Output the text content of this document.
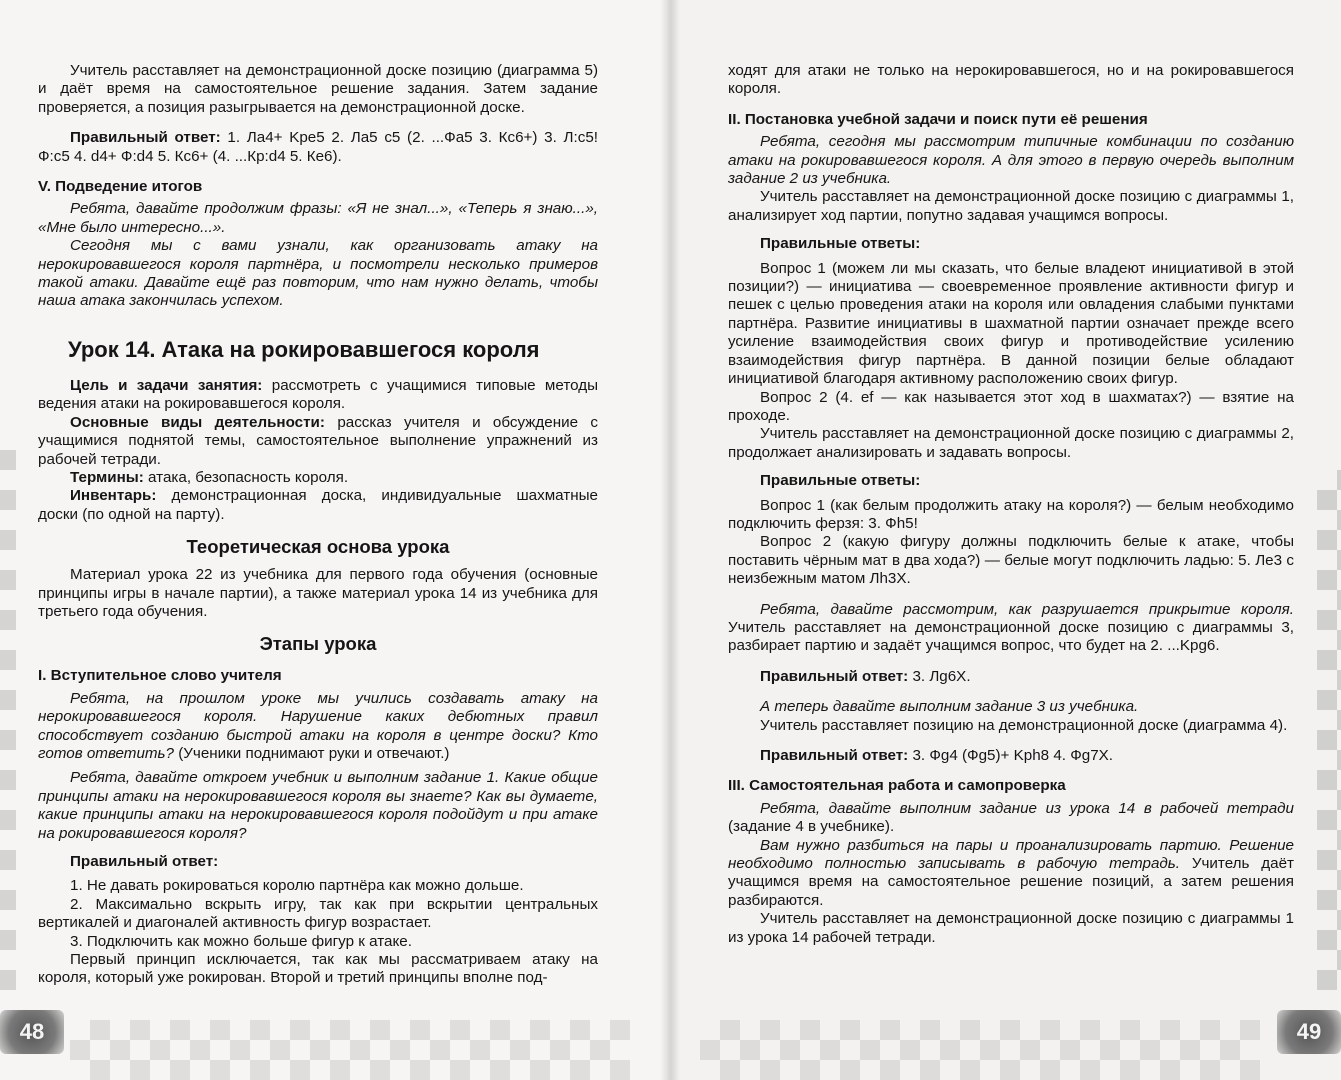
48

Учитель расставляет на демонстрационной доске позицию (диаграмма 5) и даёт время на самостоятельное решение задания. Затем задание проверяется, а позиция разыгрывается на демонстрационной доске.

Правильный ответ: 1. Ла4+ Kpe5 2. Ла5 с5 (2. ...Фа5 3. Кс6+) 3. Л:с5! Ф:с5 4. d4+ Ф:d4 5. Кс6+ (4. ...Кр:d4 5. Ке6).

V. Подведение итогов

Ребята, давайте продолжим фразы: «Я не знал...», «Теперь я знаю...», «Мне было интересно...».

Сегодня мы с вами узнали, как организовать атаку на нерокировавшегося короля партнёра, и посмотрели несколько примеров такой атаки. Давайте ещё раз повторим, что нам нужно делать, чтобы наша атака закончилась успехом.

Урок 14. Атака на рокировавшегося короля

Цель и задачи занятия: рассмотреть с учащимися типовые методы ведения атаки на рокировавшегося короля.

Основные виды деятельности: рассказ учителя и обсуждение с учащимися поднятой темы, самостоятельное выполнение упражнений из рабочей тетради.

Термины: атака, безопасность короля.

Инвентарь: демонстрационная доска, индивидуальные шахматные доски (по одной на парту).

Теоретическая основа урока

Материал урока 22 из учебника для первого года обучения (основные принципы игры в начале партии), а также материал урока 14 из учебника для третьего года обучения.

Этапы урока
I. Вступительное слово учителя

Ребята, на прошлом уроке мы учились создавать атаку на нерокировавшегося короля. Нарушение каких дебютных правил способствует созданию быстрой атаки на короля в центре доски? Кто готов ответить? (Ученики поднимают руки и отвечают.)

Ребята, давайте откроем учебник и выполним задание 1. Какие общие принципы атаки на нерокировавшегося короля вы знаете? Как вы думаете, какие принципы атаки на нерокировавшегося короля подойдут и при атаке на рокировавшегося короля?

Правильный ответ:

1. Не давать рокироваться королю партнёра как можно дольше.

2. Максимально вскрыть игру, так как при вскрытии центральных вертикалей и диагоналей активность фигур возрастает.

3. Подключить как можно больше фигур к атаке.

Первый принцип исключается, так как мы рассматриваем атаку на короля, который уже рокирован. Второй и третий принципы вполне под-

49

ходят для атаки не только на нерокировавшегося, но и на рокировавшегося короля.

II. Постановка учебной задачи и поиск пути её решения

Ребята, сегодня мы рассмотрим типичные комбинации по созданию атаки на рокировавшегося короля. А для этого в первую очередь выполним задание 2 из учебника.

Учитель расставляет на демонстрационной доске позицию с диаграммы 1, анализирует ход партии, попутно задавая учащимся вопросы.

Правильные ответы:

Вопрос 1 (можем ли мы сказать, что белые владеют инициативой в этой позиции?) — инициатива — своевременное проявление активности фигур и пешек с целью проведения атаки на короля или овладения слабыми пунктами партнёра. Развитие инициативы в шахматной партии означает прежде всего усиление взаимодействия своих фигур и противодействие усилению взаимодействия фигур партнёра. В данной позиции белые обладают инициативой благодаря активному расположению своих фигур.

Вопрос 2 (4. ef — как называется этот ход в шахматах?) — взятие на проходе.

Учитель расставляет на демонстрационной доске позицию с диаграммы 2, продолжает анализировать и задавать вопросы.

Правильные ответы:

Вопрос 1 (как белым продолжить атаку на короля?) — белым необходимо подключить ферзя: 3. Фh5!

Вопрос 2 (какую фигуру должны подключить белые к атаке, чтобы поставить чёрным мат в два хода?) — белые могут подключить ладью: 5. Ле3 с неизбежным матом Лh3X.

Ребята, давайте рассмотрим, как разрушается прикрытие короля. Учитель расставляет на демонстрационной доске позицию с диаграммы 3, разбирает партию и задаёт учащимся вопрос, что будет на 2. ...Kpg6.

Правильный ответ: 3. Лg6X.

А теперь давайте выполним задание 3 из учебника.

Учитель расставляет позицию на демонстрационной доске (диаграмма 4).

Правильный ответ: 3. Фg4 (Фg5)+ Kph8 4. Фg7X.

III. Самостоятельная работа и самопроверка

Ребята, давайте выполним задание из урока 14 в рабочей тетради (задание 4 в учебнике).

Вам нужно разбиться на пары и проанализировать партию. Решение необходимо полностью записывать в рабочую тетрадь. Учитель даёт учащимся время на самостоятельное решение позиций, а затем решения разбираются.

Учитель расставляет на демонстрационной доске позицию с диаграммы 1 из урока 14 рабочей тетради.
